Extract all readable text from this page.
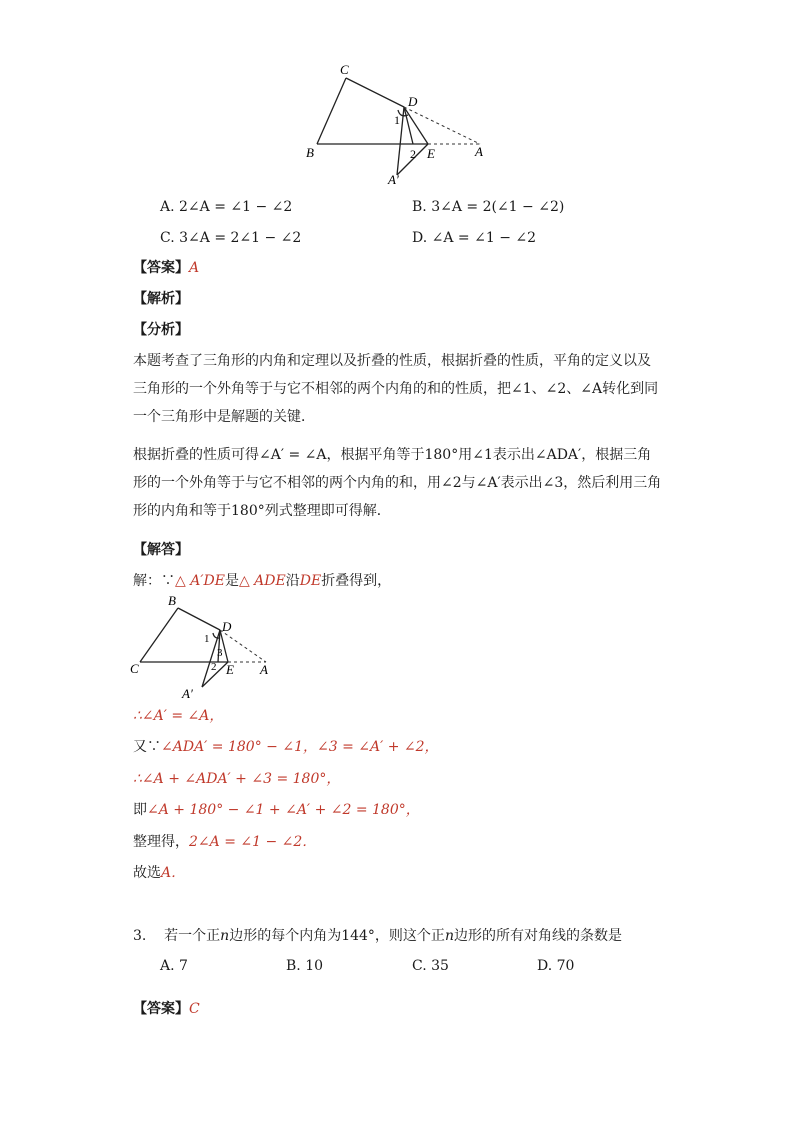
C
D
B	E	A
A′
1
2
A. 2∠A = ∠1 − ∠2	B. 3∠A = 2(∠1 − ∠2)
C. 3∠A = 2∠1 − ∠2	D. ∠A = ∠1 − ∠2
【答案】A
【解析】
【分析】
本题考查了三角形的内角和定理以及折叠的性质，根据折叠的性质，平角的定义以及三角形的一个外角等于与它不相邻的两个内角的和的性质，把∠1、∠2、∠A转化到同一个三角形中是解题的关键．
根据折叠的性质可得∠A′ = ∠A，根据平角等于180°用∠1表示出∠ADA′，根据三角形的一个外角等于与它不相邻的两个内角的和，用∠2与∠A′表示出∠3，然后利用三角形的内角和等于180°列式整理即可得解．
【解答】
解：∵△ A′DE是△ ADE沿DE折叠得到，
B
D
C	E A
A′
1
3
2
∴∠A′ = ∠A，
又∵∠ADA′ = 180° − ∠1，∠3 = ∠A′ + ∠2，
∴∠A + ∠ADA′ + ∠3 = 180°，
即∠A + 180° − ∠1 + ∠A′ + ∠2 = 180°，
整理得，2∠A = ∠1 − ∠2．
故选A．
3. 若一个正n边形的每个内角为144°，则这个正n边形的所有对角线的条数是
A. 7	B. 10	C. 35	D. 70
【答案】C
